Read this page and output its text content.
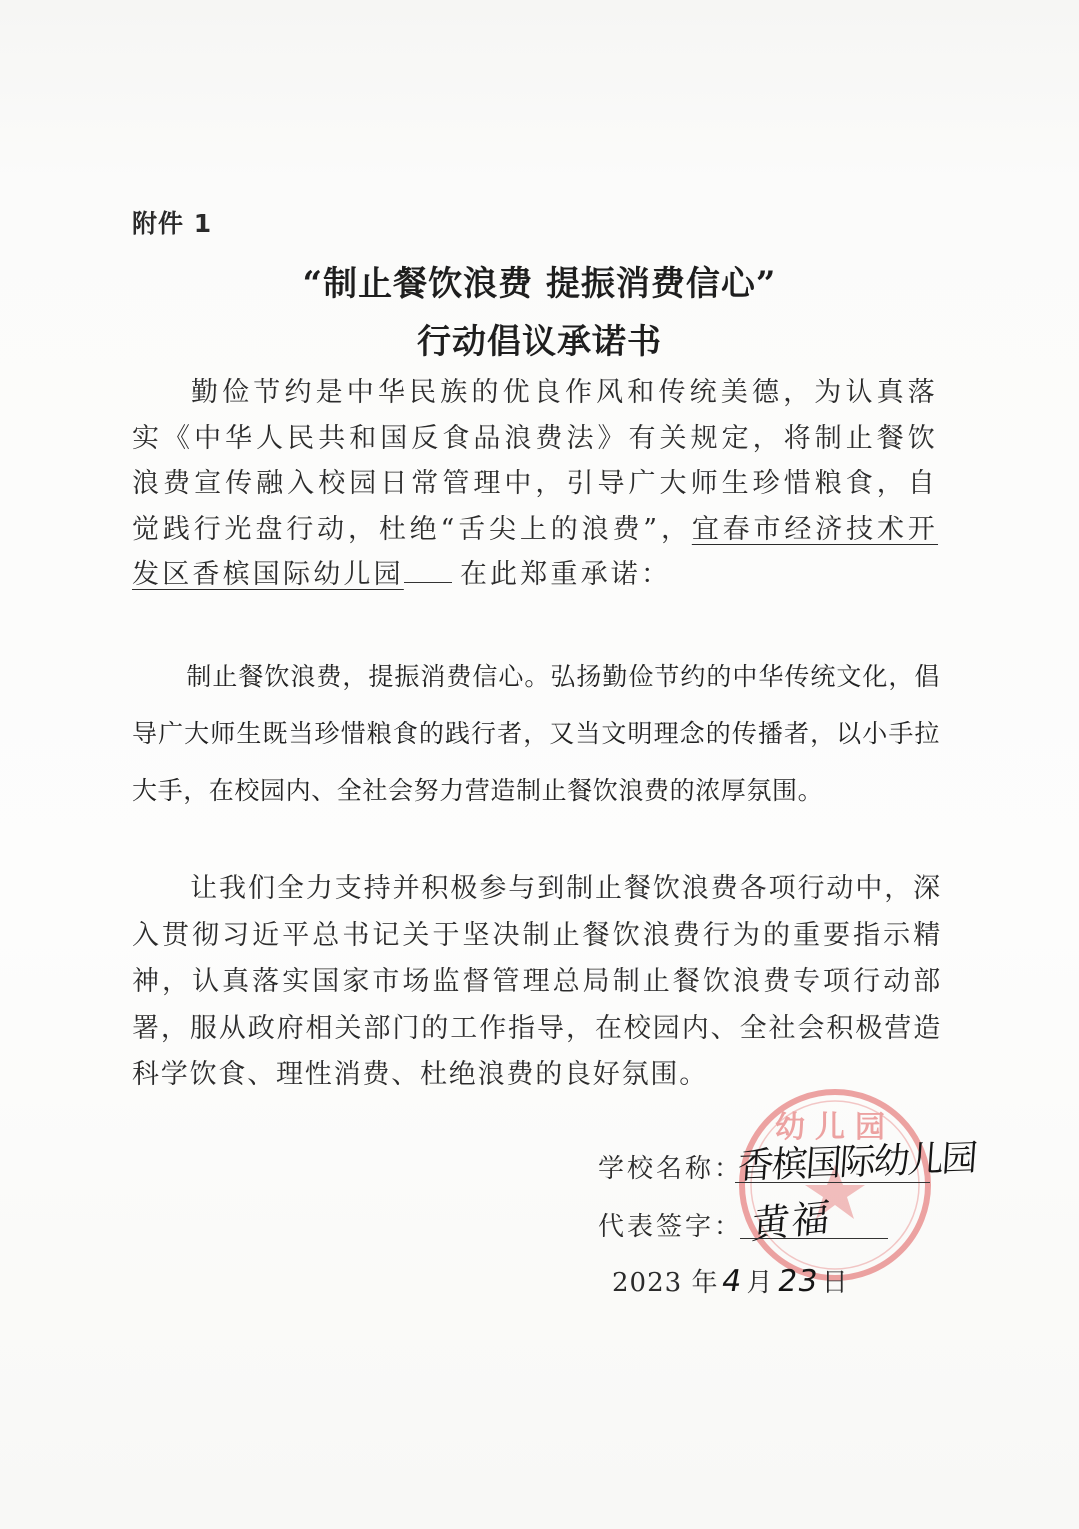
附件 1
“制止餐饮浪费 提振消费信心”
行动倡议承诺书
勤俭节约是中华民族的优良作风和传统美德，为认真落实《中华人民共和国反食品浪费法》有关规定，将制止餐饮浪费宣传融入校园日常管理中，引导广大师生珍惜粮食，自觉践行光盘行动，杜绝“舌尖上的浪费”，宜春市经济技术开发区香槟国际幼儿园 在此郑重承诺：
制止餐饮浪费，提振消费信心。弘扬勤俭节约的中华传统文化，倡导广大师生既当珍惜粮食的践行者，又当文明理念的传播者，以小手拉大手，在校园内、全社会努力营造制止餐饮浪费的浓厚氛围。
让我们全力支持并积极参与到制止餐饮浪费各项行动中，深入贯彻习近平总书记关于坚决制止餐饮浪费行为的重要指示精神，认真落实国家市场监督管理总局制止餐饮浪费专项行动部署，服从政府相关部门的工作指导，在校园内、全社会积极营造科学饮食、理性消费、杜绝浪费的良好氛围。
幼儿园
学校名称：
香槟国际幼儿园
代表签字： 黄福
2023 年4月23日
